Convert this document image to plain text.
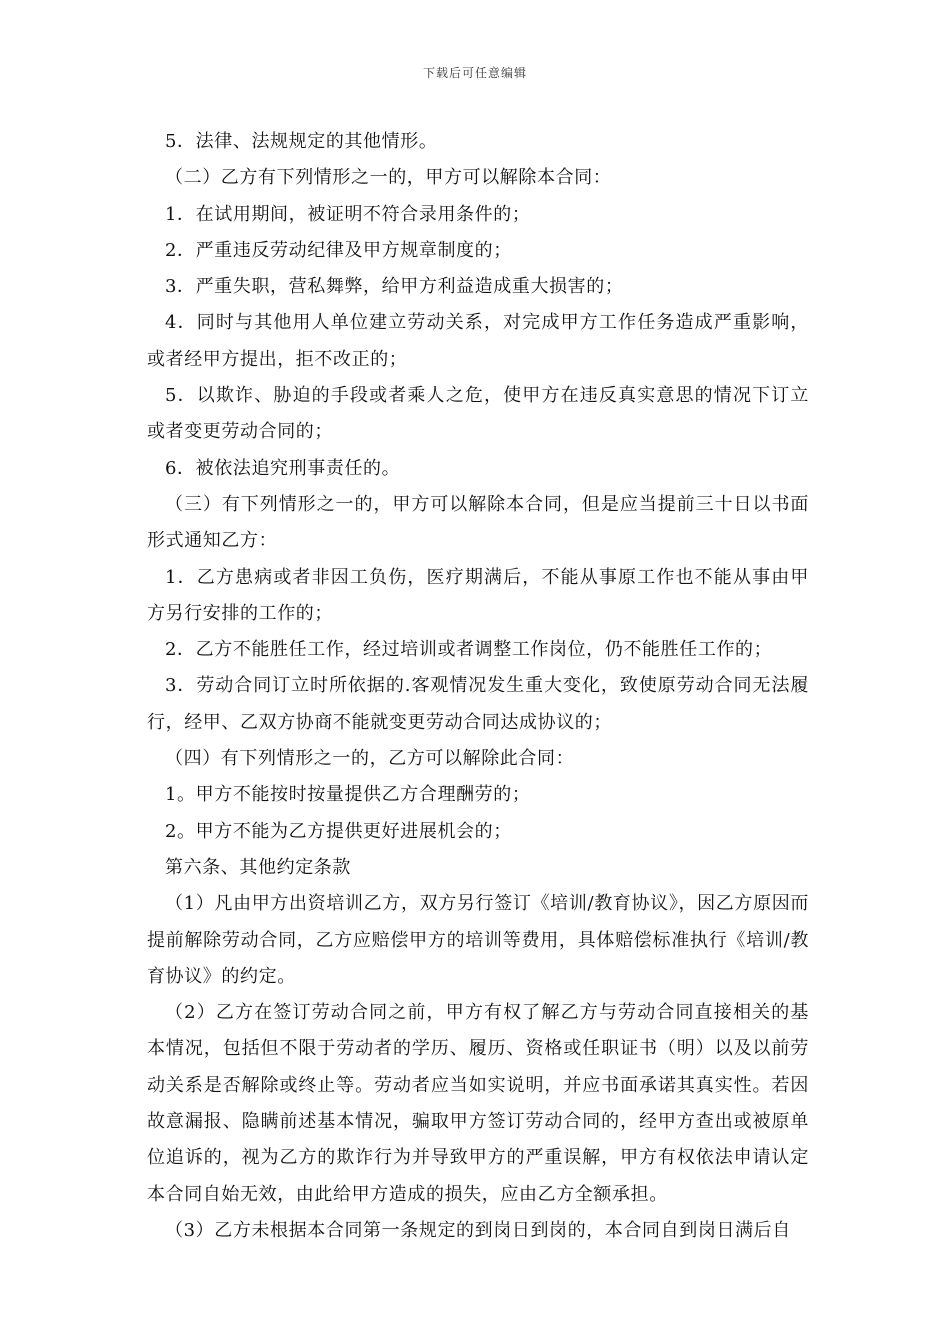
下载后可任意编辑

5．法律、法规规定的其他情形。

（二）乙方有下列情形之一的，甲方可以解除本合同：

1．在试用期间，被证明不符合录用条件的；

2．严重违反劳动纪律及甲方规章制度的；

3．严重失职，营私舞弊，给甲方利益造成重大损害的；

4．同时与其他用人单位建立劳动关系，对完成甲方工作任务造成严重影响，或者经甲方提出，拒不改正的；

5．以欺诈、胁迫的手段或者乘人之危，使甲方在违反真实意思的情况下订立或者变更劳动合同的；

6．被依法追究刑事责任的。

（三）有下列情形之一的，甲方可以解除本合同，但是应当提前三十日以书面形式通知乙方：

1．乙方患病或者非因工负伤，医疗期满后，不能从事原工作也不能从事由甲方另行安排的工作的；

2．乙方不能胜任工作，经过培训或者调整工作岗位，仍不能胜任工作的；

3．劳动合同订立时所依据的.客观情况发生重大变化，致使原劳动合同无法履行，经甲、乙双方协商不能就变更劳动合同达成协议的；

（四）有下列情形之一的，乙方可以解除此合同：

1。甲方不能按时按量提供乙方合理酬劳的；

2。甲方不能为乙方提供更好进展机会的；

第六条、其他约定条款

（1）凡由甲方出资培训乙方，双方另行签订《培训/教育协议》，因乙方原因而提前解除劳动合同，乙方应赔偿甲方的培训等费用，具体赔偿标准执行《培训/教育协议》的约定。

（2）乙方在签订劳动合同之前，甲方有权了解乙方与劳动合同直接相关的基本情况，包括但不限于劳动者的学历、履历、资格或任职证书（明）以及以前劳动关系是否解除或终止等。劳动者应当如实说明，并应书面承诺其真实性。若因故意漏报、隐瞒前述基本情况，骗取甲方签订劳动合同的，经甲方查出或被原单位追诉的，视为乙方的欺诈行为并导致甲方的严重误解，甲方有权依法申请认定本合同自始无效，由此给甲方造成的损失，应由乙方全额承担。

（3）乙方未根据本合同第一条规定的到岗日到岗的，本合同自到岗日满后自
